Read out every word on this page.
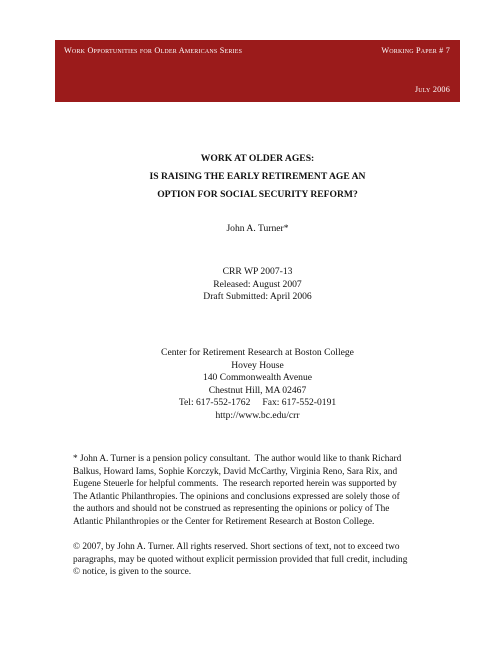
Work Opportunities for Older Americans Series	Working Paper # 7
July 2006
WORK AT OLDER AGES:
IS RAISING THE EARLY RETIREMENT AGE AN
OPTION FOR SOCIAL SECURITY REFORM?
John A. Turner*
CRR WP 2007-13
Released: August 2007
Draft Submitted: April 2006
Center for Retirement Research at Boston College
Hovey House
140 Commonwealth Avenue
Chestnut Hill, MA 02467
Tel: 617-552-1762     Fax: 617-552-0191
http://www.bc.edu/crr

* John A. Turner is a pension policy consultant.  The author would like to thank Richard

Balkus, Howard Iams, Sophie Korczyk, David McCarthy, Virginia Reno, Sara Rix, and

Eugene Steuerle for helpful comments.  The research reported herein was supported by

The Atlantic Philanthropies. The opinions and conclusions expressed are solely those of

the authors and should not be construed as representing the opinions or policy of The

Atlantic Philanthropies or the Center for Retirement Research at Boston College.

© 2007, by John A. Turner. All rights reserved. Short sections of text, not to exceed two

paragraphs, may be quoted without explicit permission provided that full credit, including

© notice, is given to the source.
